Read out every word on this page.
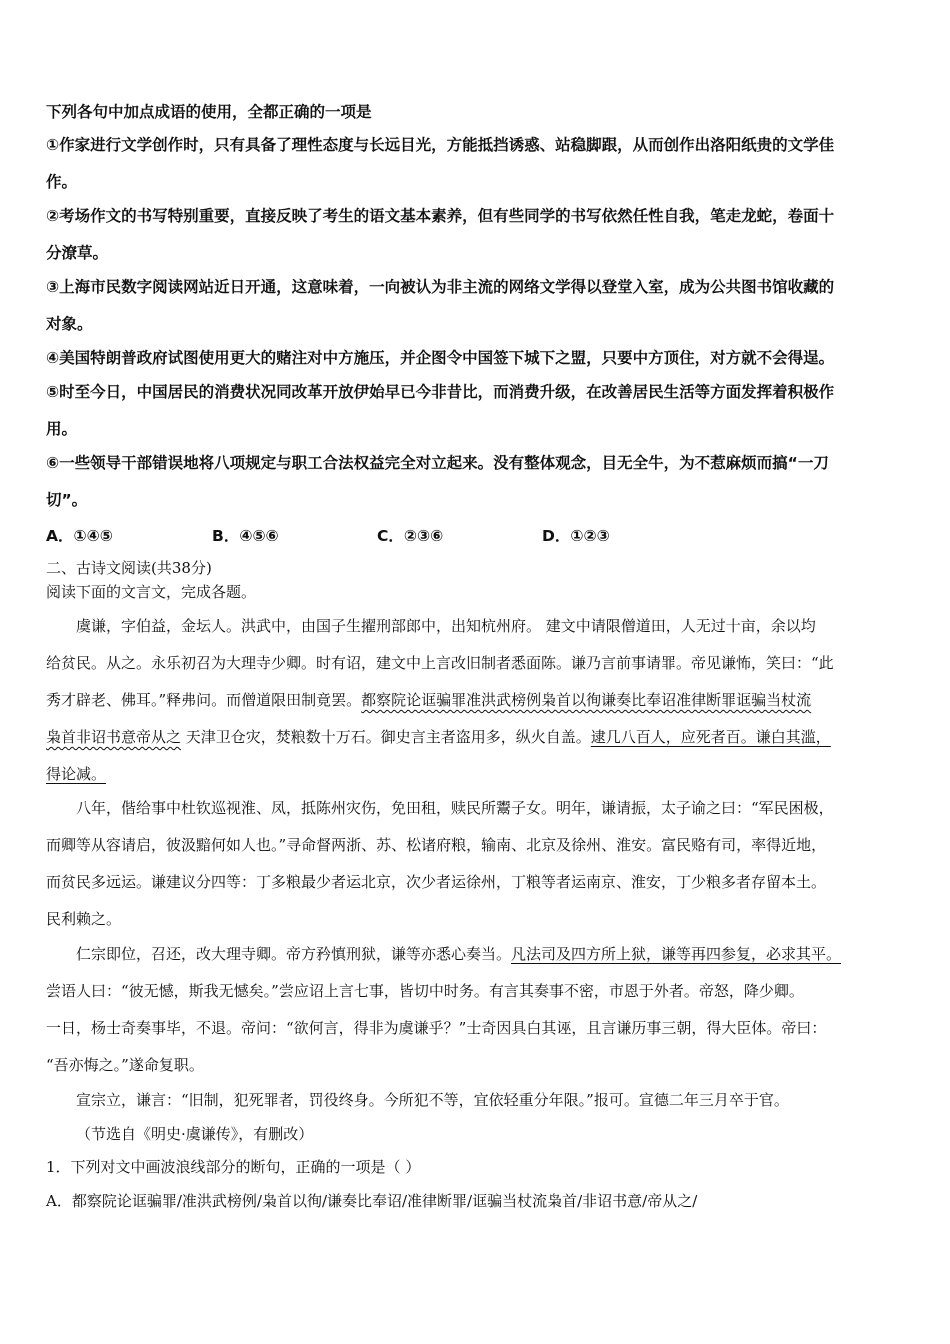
下列各句中加点成语的使用，全都正确的一项是
①作家进行文学创作时，只有具备了理性态度与长远目光，方能抵挡诱惑、站稳脚跟，从而创作出洛阳纸贵的文学佳
作。
②考场作文的书写特别重要，直接反映了考生的语文基本素养，但有些同学的书写依然任性自我，笔走龙蛇，卷面十
分潦草。
③上海市民数字阅读网站近日开通，这意味着，一向被认为非主流的网络文学得以登堂入室，成为公共图书馆收藏的
对象。
④美国特朗普政府试图使用更大的赌注对中方施压，并企图令中国签下城下之盟，只要中方顶住，对方就不会得逞。
⑤时至今日，中国居民的消费状况同改革开放伊始早已今非昔比，而消费升级，在改善居民生活等方面发挥着积极作
用。
⑥一些领导干部错误地将八项规定与职工合法权益完全对立起来。没有整体观念，目无全牛，为不惹麻烦而搞“一刀
切”。
A．①④⑤	B．④⑤⑥	C．②③⑥	D．①②③
二、古诗文阅读(共38分)
阅读下面的文言文，完成各题。
虞谦，字伯益，金坛人。洪武中，由国子生擢刑部郎中，出知杭州府。 建文中请限僧道田，人无过十亩，余以均
给贫民。从之。永乐初召为大理寺少卿。时有诏，建文中上言改旧制者悉面陈。谦乃言前事请罪。帝见谦怖，笑曰：“此
秀才辟老、佛耳。”释弗问。而僧道限田制竟罢。都察院论诓骗罪准洪武榜例枭首以徇谦奏比奉诏准律断罪诓骗当杖流
枭首非诏书意帝从之 天津卫仓灾，焚粮数十万石。御史言主者盗用多，纵火自盖。逮几八百人，应死者百。谦白其滥，
得论减。
八年，偕给事中杜钦巡视淮、凤，抵陈州灾伤，免田租，赎民所鬻子女。明年，谦请振，太子谕之曰：“军民困极，
而卿等从容请启，彼汲黯何如人也。”寻命督两浙、苏、松诸府粮，输南、北京及徐州、淮安。富民赂有司，率得近地，
而贫民多远运。谦建议分四等：丁多粮最少者运北京，次少者运徐州，丁粮等者运南京、淮安，丁少粮多者存留本土。
民利赖之。
仁宗即位，召还，改大理寺卿。帝方矜慎刑狱，谦等亦悉心奏当。凡法司及四方所上狱，谦等再四参复，必求其平。
尝语人曰：“彼无憾，斯我无憾矣。”尝应诏上言七事，皆切中时务。有言其奏事不密，市恩于外者。帝怒，降少卿。
一日，杨士奇奏事毕，不退。帝问：“欲何言，得非为虞谦乎？”士奇因具白其诬，且言谦历事三朝，得大臣体。帝曰：
“吾亦悔之。”遂命复职。
宣宗立，谦言：“旧制，犯死罪者，罚役终身。今所犯不等，宜依轻重分年限。”报可。宣德二年三月卒于官。
（节选自《明史·虞谦传》，有删改）
1．下列对文中画波浪线部分的断句，正确的一项是（ ）
A．都察院论诓骗罪/准洪武榜例/枭首以徇/谦奏比奉诏/准律断罪/诓骗当杖流枭首/非诏书意/帝从之/
